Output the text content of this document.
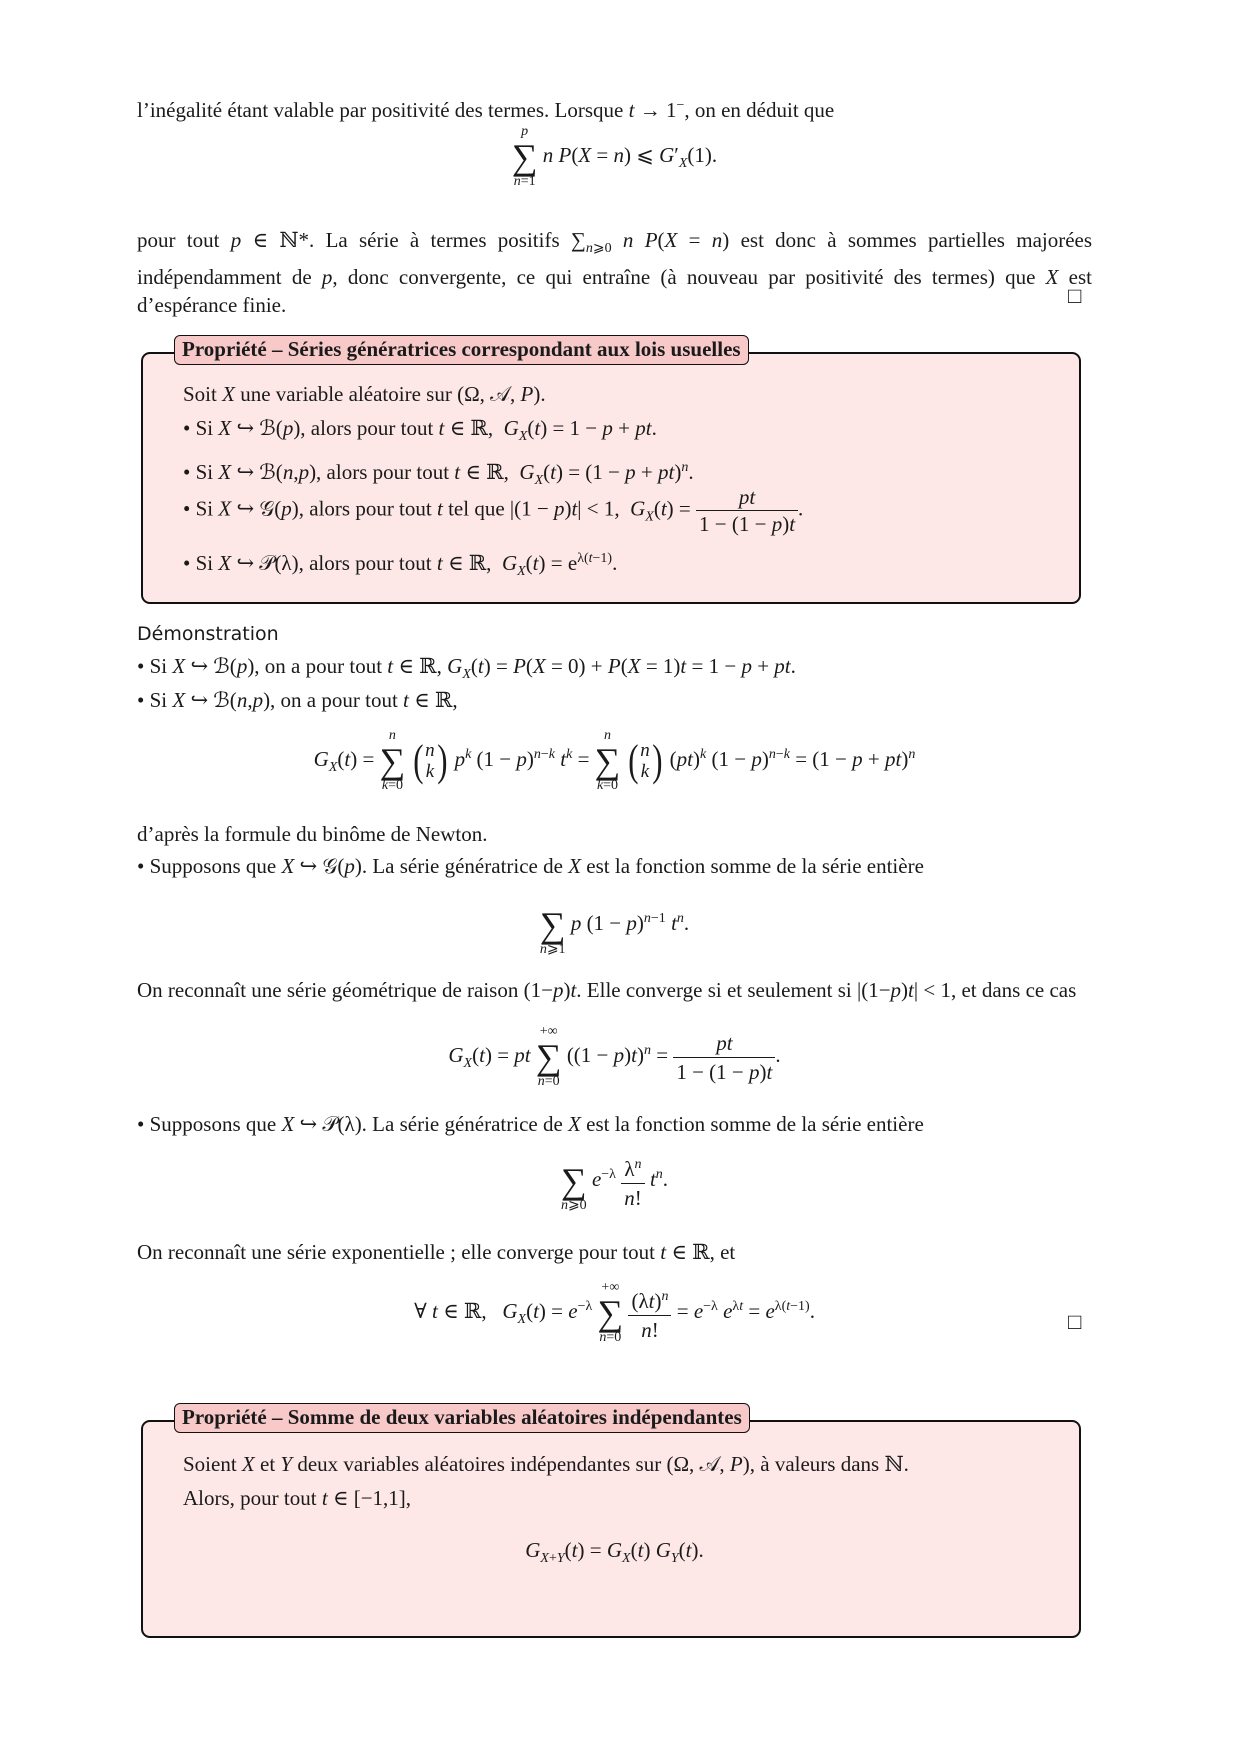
l’inégalité étant valable par positivité des termes. Lorsque t → 1−, on en déduit que
p
∑
n=1
n P(X = n) ⩽ $G'_X(1)$.
pour tout p ∈ ℕ*. La série à termes positifs $\sum_{n⩾0}$ n P(X = n) est donc à sommes partielles majorées indépendamment de p, donc convergente, ce qui entraîne (à nouveau par positivité des termes) que X est d’espérance finie.	□
Propriété – Séries génératrices correspondant aux lois usuelles
Soit X une variable aléatoire sur (Ω, 𝒜, P).
• Si X ↪ ℬ(p), alors pour tout t ∈ ℝ,  $G_X(t) = 1 - p$ + pt.
• Si X ↪ ℬ(n,p), alors pour tout t ∈ ℝ,  $G_X(t) = (1 - p + pt)^n$.
• Si X ↪ 𝒢(p), alors pour tout t tel que |(1 − p)t| < 1,  $G_X(t) = \frac{pt}{1 - (1 - p)t}$ .
• Si X ↪ 𝒫(λ), alors pour tout t ∈ ℝ,  $G_X(t) = e^{\lambda(t-1)}$.
Démonstration
• Si X ↪ ℬ(p), on a pour tout t ∈ ℝ, $G_X(t) = P(X = 0) + P(X = 1)t = 1 - p$ + pt.
• Si X ↪ ℬ(n,p), on a pour tout t ∈ ℝ,
$G_X(t)$ =
n
∑
k=0
( n
k) $p^k$ $(1 - p)^{n-k}$ $t^k$ =
n
∑
k=0
( n
k) (pt)$^k$ $(1 - p)^{n-k} = (1 - p + pt)^n$
d’après la formule du binôme de Newton.
• Supposons que X ↪ 𝒢(p). La série génératrice de X est la fonction somme de la série entière

∑
n⩾1
p $(1 - p)^{n-1}$ $t^n$.
On reconnaît une série géométrique de raison (1−p)t. Elle converge si et seulement si |(1−p)t| < 1, et dans ce cas
$G_X(t)$ = pt
+∞
∑
n=0
$((1 - p)t)^n = \frac{pt}{1 - (1 - p)t}$ .
• Supposons que X ↪ 𝒫(λ). La série génératrice de X est la fonction somme de la série entière

∑
n⩾0
$e^{-\lambda} \frac{\lambda^n}{n!} t^n$.
On reconnaît une série exponentielle ; elle converge pour tout t ∈ ℝ, et
∀ t ∈ ℝ,   $G_X(t) = e^{-\lambda}$
+∞
∑
n=0
$\frac{(\lambda t)^n}{n!} = e^{-\lambda}$ $e^{\lambda t} = e^{\lambda(t-1)}$.	□
Propriété – Somme de deux variables aléatoires indépendantes
Soient X et Y deux variables aléatoires indépendantes sur (Ω, 𝒜, P), à valeurs dans ℕ.
Alors, pour tout t ∈ [−1,1],
$G_{X+Y}(t) = G_X(t)$ $G_Y(t)$.
